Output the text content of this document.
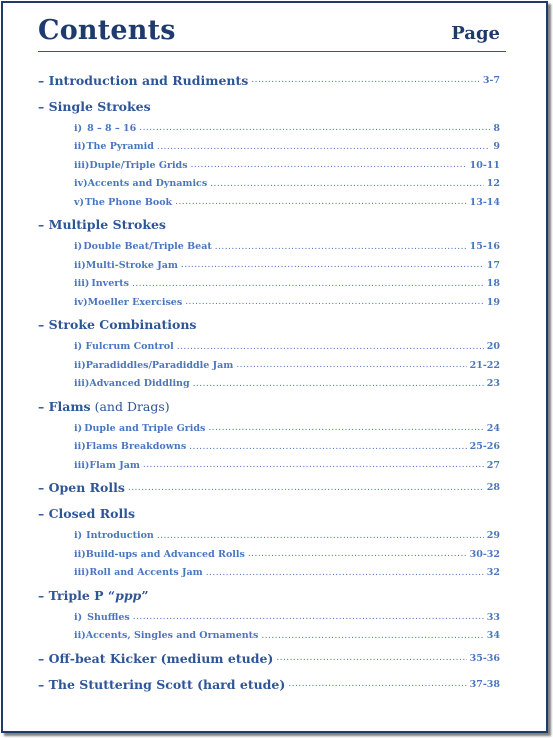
Contents	Page
– Introduction and Rudiments . . .	3-7
– Single Strokes
i) 8 – 8 – 16 . . .	8
ii) The Pyramid . . .	9
iii) Duple/Triple Grids . . .	10-11
iv) Accents and Dynamics . . .	12
v) The Phone Book . . .	13-14
– Multiple Strokes
i) Double Beat/Triple Beat . . .	15-16
ii) Multi-Stroke Jam . . .	17
iii) Inverts . . .	18
iv) Moeller Exercises . . .	19
– Stroke Combinations
i) Fulcrum Control . . .	20
ii) Paradiddles/Paradiddle Jam . . .	21-22
iii) Advanced Diddling . . .	23
– Flams (and Drags)
i) Duple and Triple Grids . . .	24
ii) Flams Breakdowns . . .	25-26
iii) Flam Jam . . .	27
– Open Rolls . . .	28
– Closed Rolls
i) Introduction . . .	29
ii) Build-ups and Advanced Rolls . . .	30-32
iii) Roll and Accents Jam . . .	32
– Triple P “ppp”
i) Shuffles . . .	33
ii) Accents, Singles and Ornaments . . .	34
– Off-beat Kicker (medium etude) . . .	35-36
– The Stuttering Scott (hard etude) . . .	37-38
